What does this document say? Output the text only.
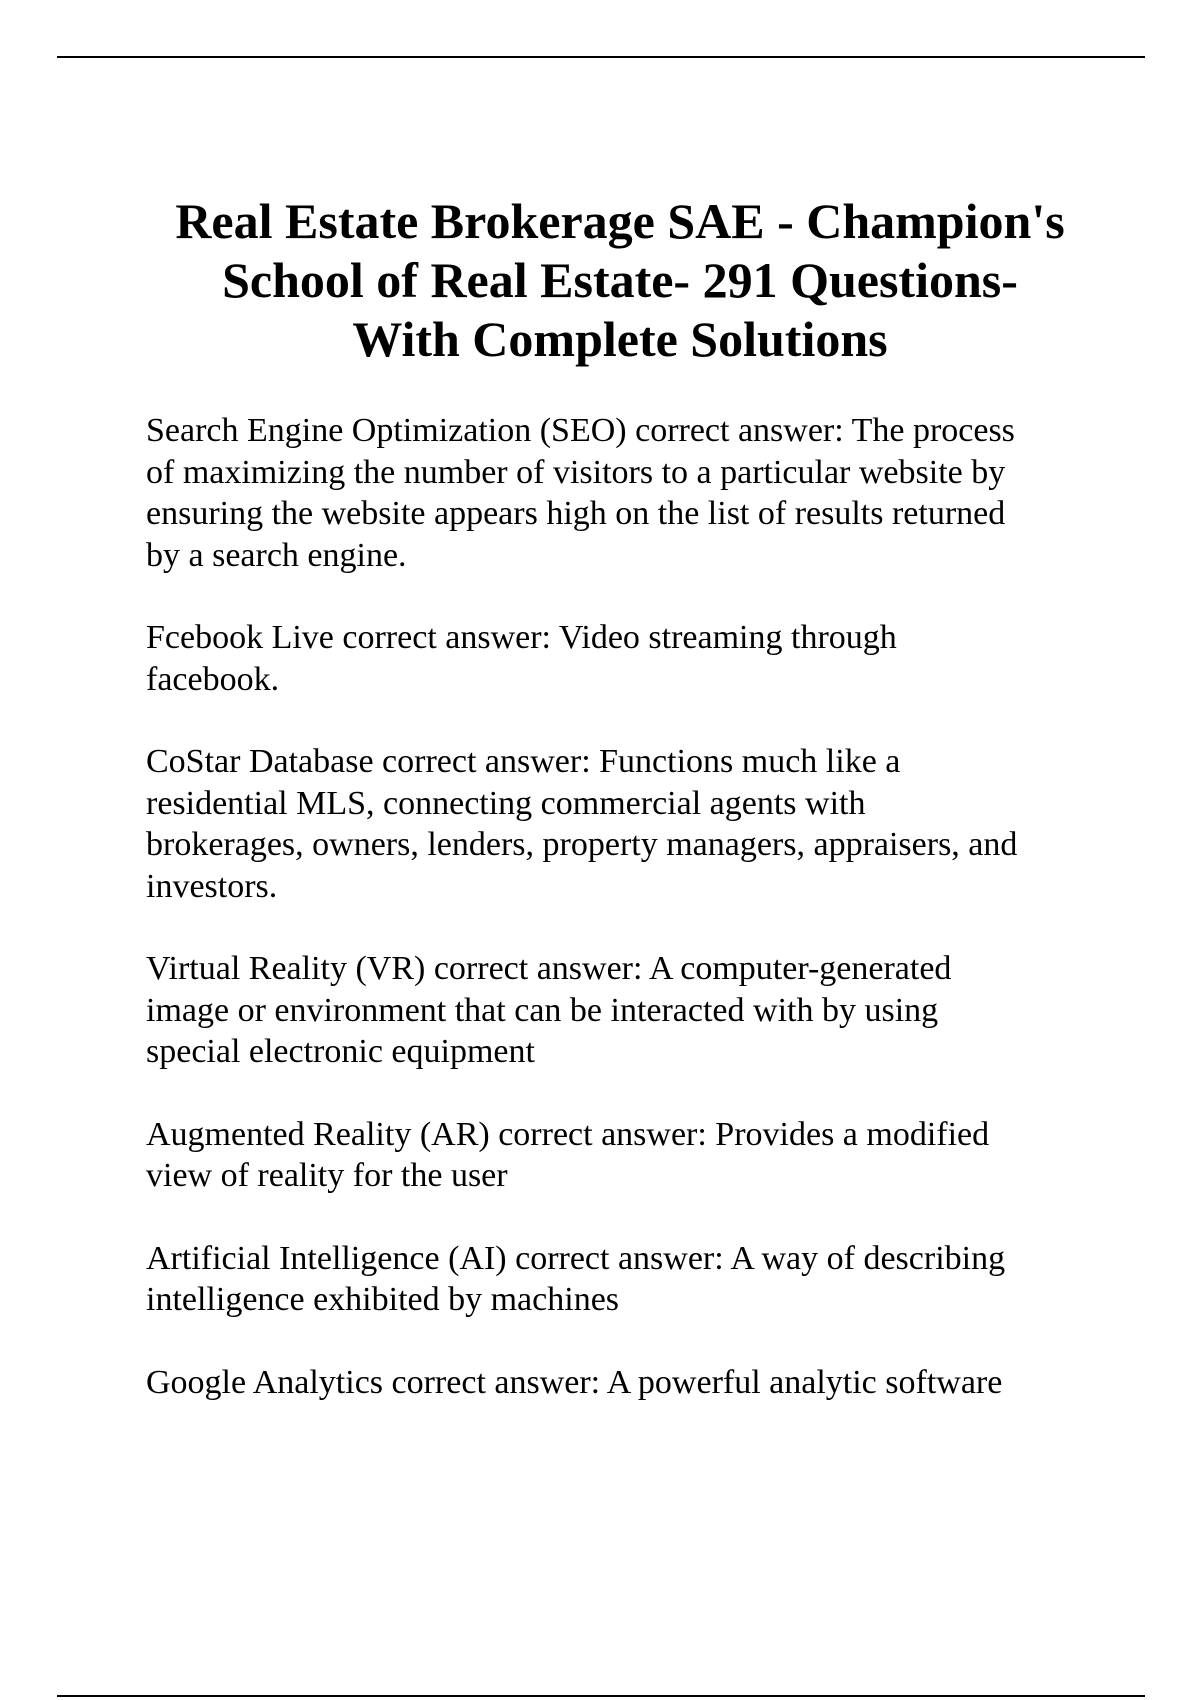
Real Estate Brokerage SAE - Champion's
School of Real Estate- 291 Questions-
With Complete Solutions

Search Engine Optimization (SEO) correct answer: The process
of maximizing the number of visitors to a particular website by
ensuring the website appears high on the list of results returned
by a search engine.

Fcebook Live correct answer: Video streaming through
facebook.

CoStar Database correct answer: Functions much like a
residential MLS, connecting commercial agents with
brokerages, owners, lenders, property managers, appraisers, and
investors.

Virtual Reality (VR) correct answer: A computer-generated
image or environment that can be interacted with by using
special electronic equipment

Augmented Reality (AR) correct answer: Provides a modified
view of reality for the user

Artificial Intelligence (AI) correct answer: A way of describing
intelligence exhibited by machines

Google Analytics correct answer: A powerful analytic software
